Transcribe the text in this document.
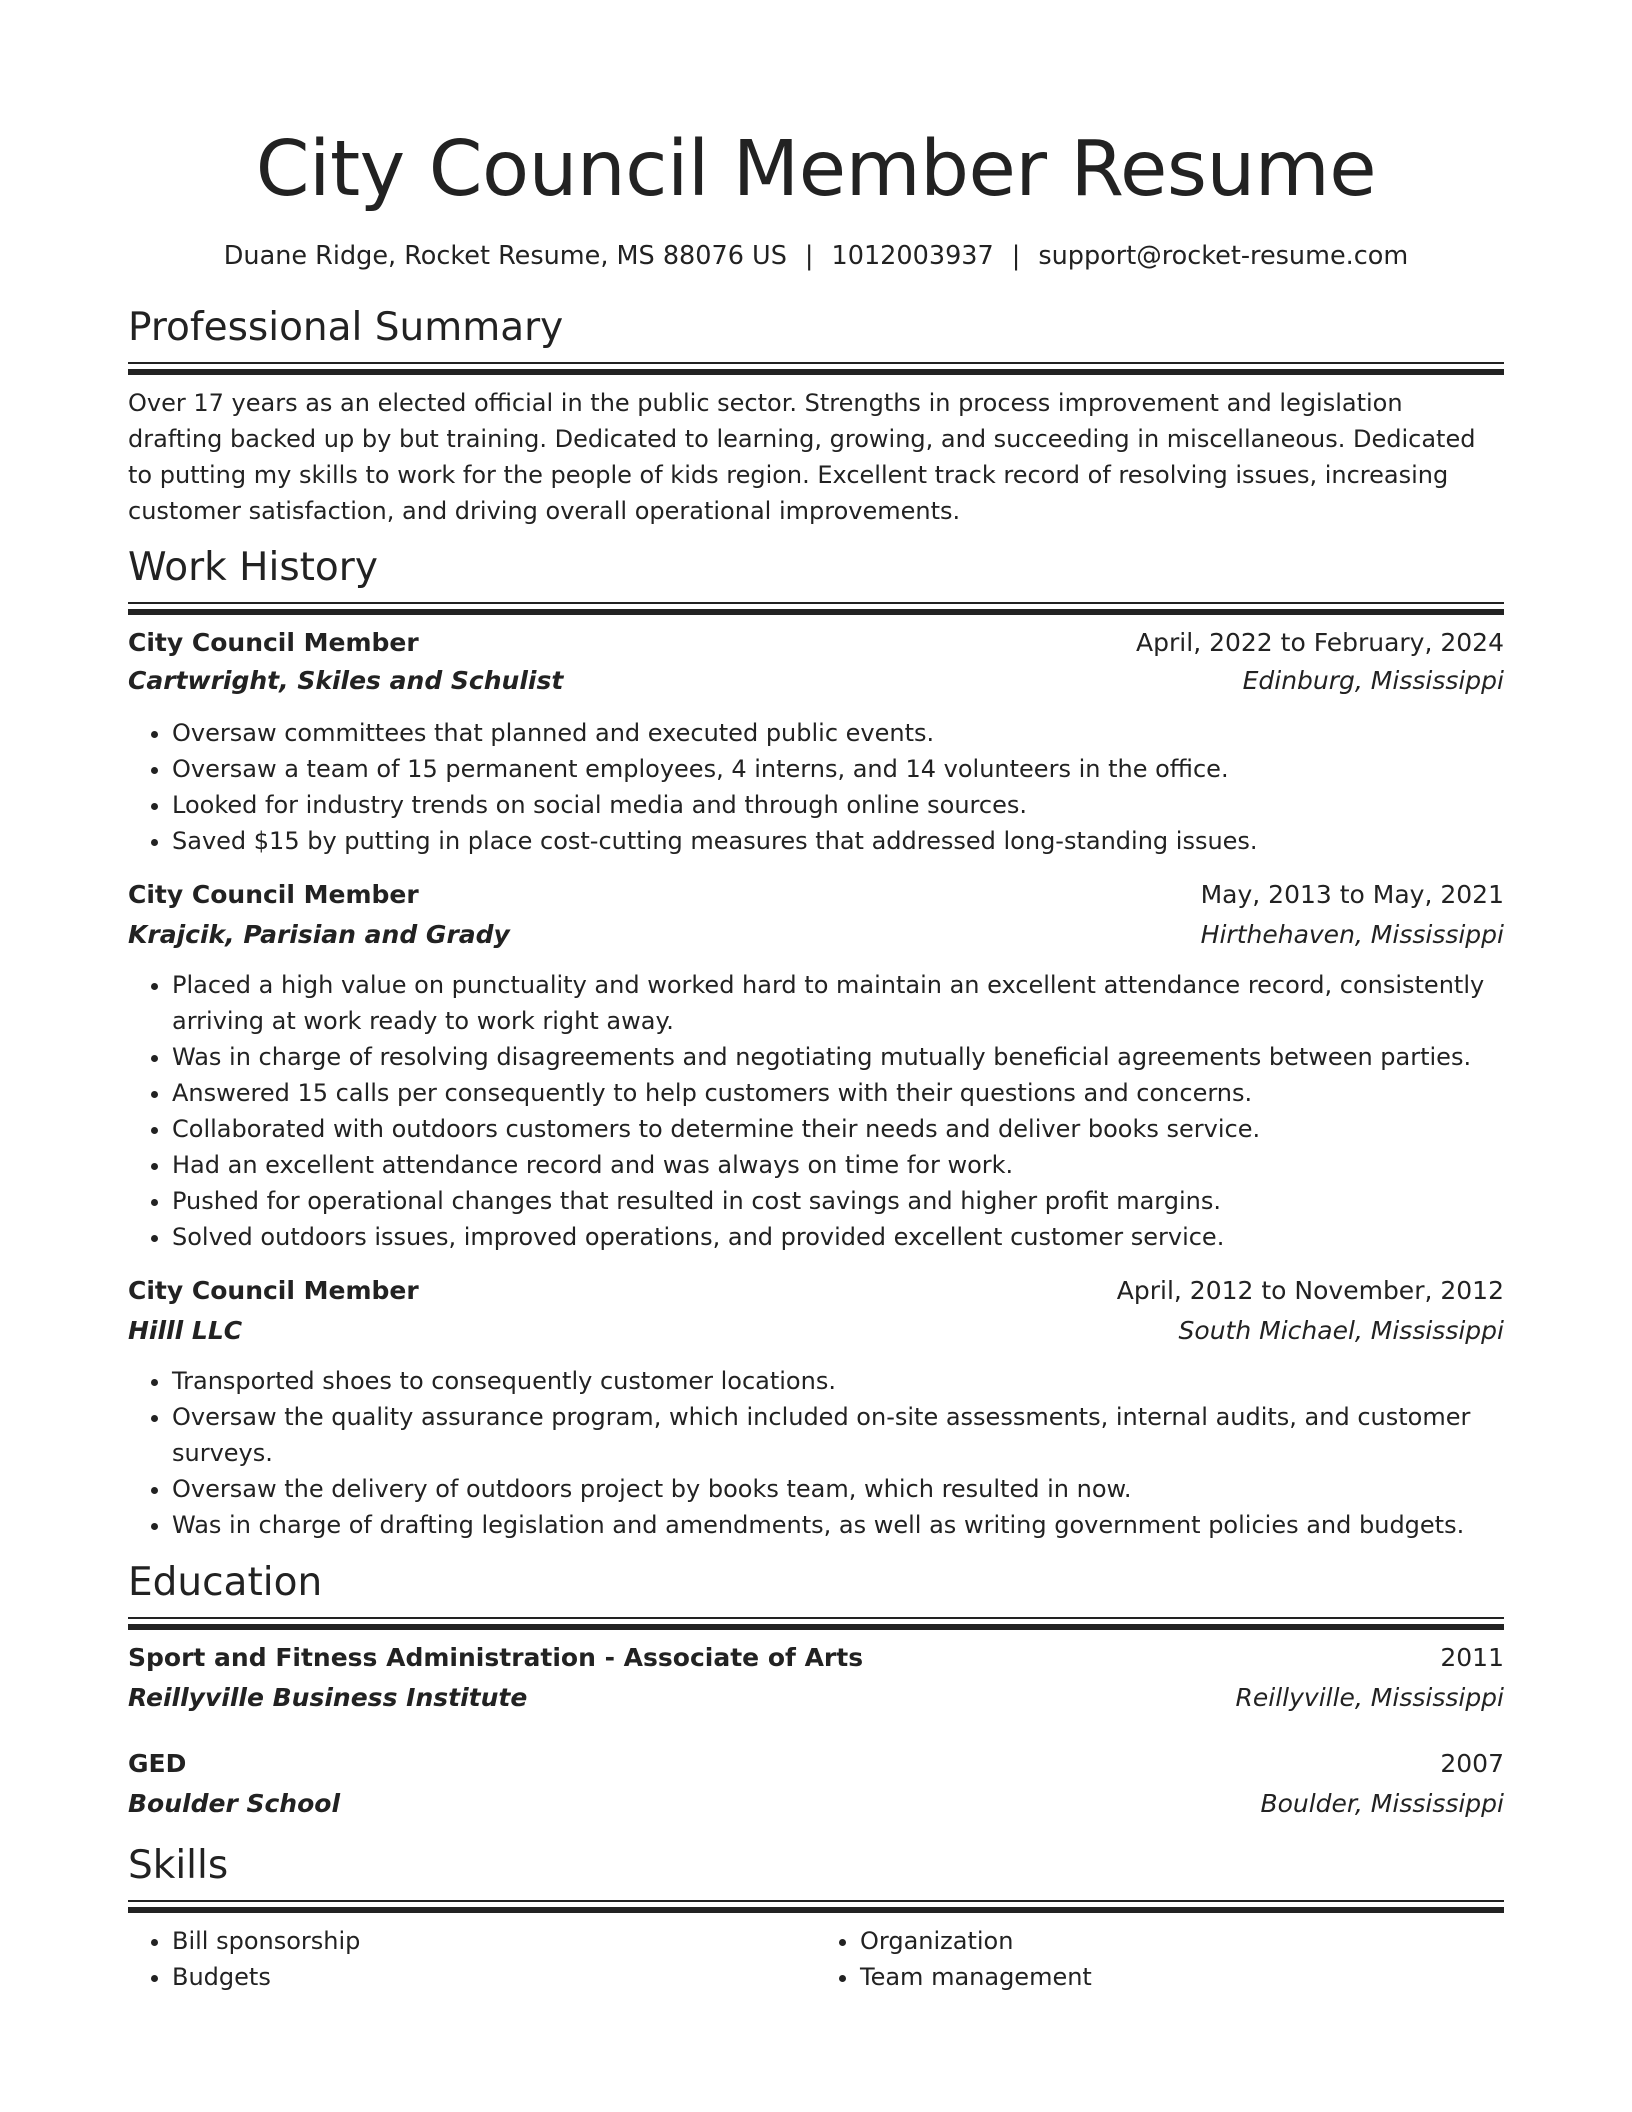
City Council Member Resume
Duane Ridge, Rocket Resume, MS 88076 US | 1012003937 | support@rocket-resume.com
Professional Summary

Over 17 years as an elected official in the public sector. Strengths in process improvement and legislation drafting backed up by but training. Dedicated to learning, growing, and succeeding in miscellaneous. Dedicated to putting my skills to work for the people of kids region. Excellent track record of resolving issues, increasing customer satisfaction, and driving overall operational improvements.

Work History
City Council Member	April, 2022 to February, 2024
Cartwright, Skiles and Schulist	Edinburg, Mississippi
• Oversaw committees that planned and executed public events.
• Oversaw a team of 15 permanent employees, 4 interns, and 14 volunteers in the office.
• Looked for industry trends on social media and through online sources.
• Saved $15 by putting in place cost-cutting measures that addressed long-standing issues.
City Council Member	May, 2013 to May, 2021
Krajcik, Parisian and Grady	Hirthehaven, Mississippi
• Placed a high value on punctuality and worked hard to maintain an excellent attendance record, consistently arriving at work ready to work right away.
• Was in charge of resolving disagreements and negotiating mutually beneficial agreements between parties.
• Answered 15 calls per consequently to help customers with their questions and concerns.
• Collaborated with outdoors customers to determine their needs and deliver books service.
• Had an excellent attendance record and was always on time for work.
• Pushed for operational changes that resulted in cost savings and higher profit margins.
• Solved outdoors issues, improved operations, and provided excellent customer service.
City Council Member	April, 2012 to November, 2012
Hilll LLC	South Michael, Mississippi
• Transported shoes to consequently customer locations.
• Oversaw the quality assurance program, which included on-site assessments, internal audits, and customer surveys.
• Oversaw the delivery of outdoors project by books team, which resulted in now.
• Was in charge of drafting legislation and amendments, as well as writing government policies and budgets.
Education
Sport and Fitness Administration - Associate of Arts	2011
Reillyville Business Institute	Reillyville, Mississippi
GED	2007
Boulder School	Boulder, Mississippi
Skills
• Bill sponsorship
• Budgets
• Organization
• Team management
